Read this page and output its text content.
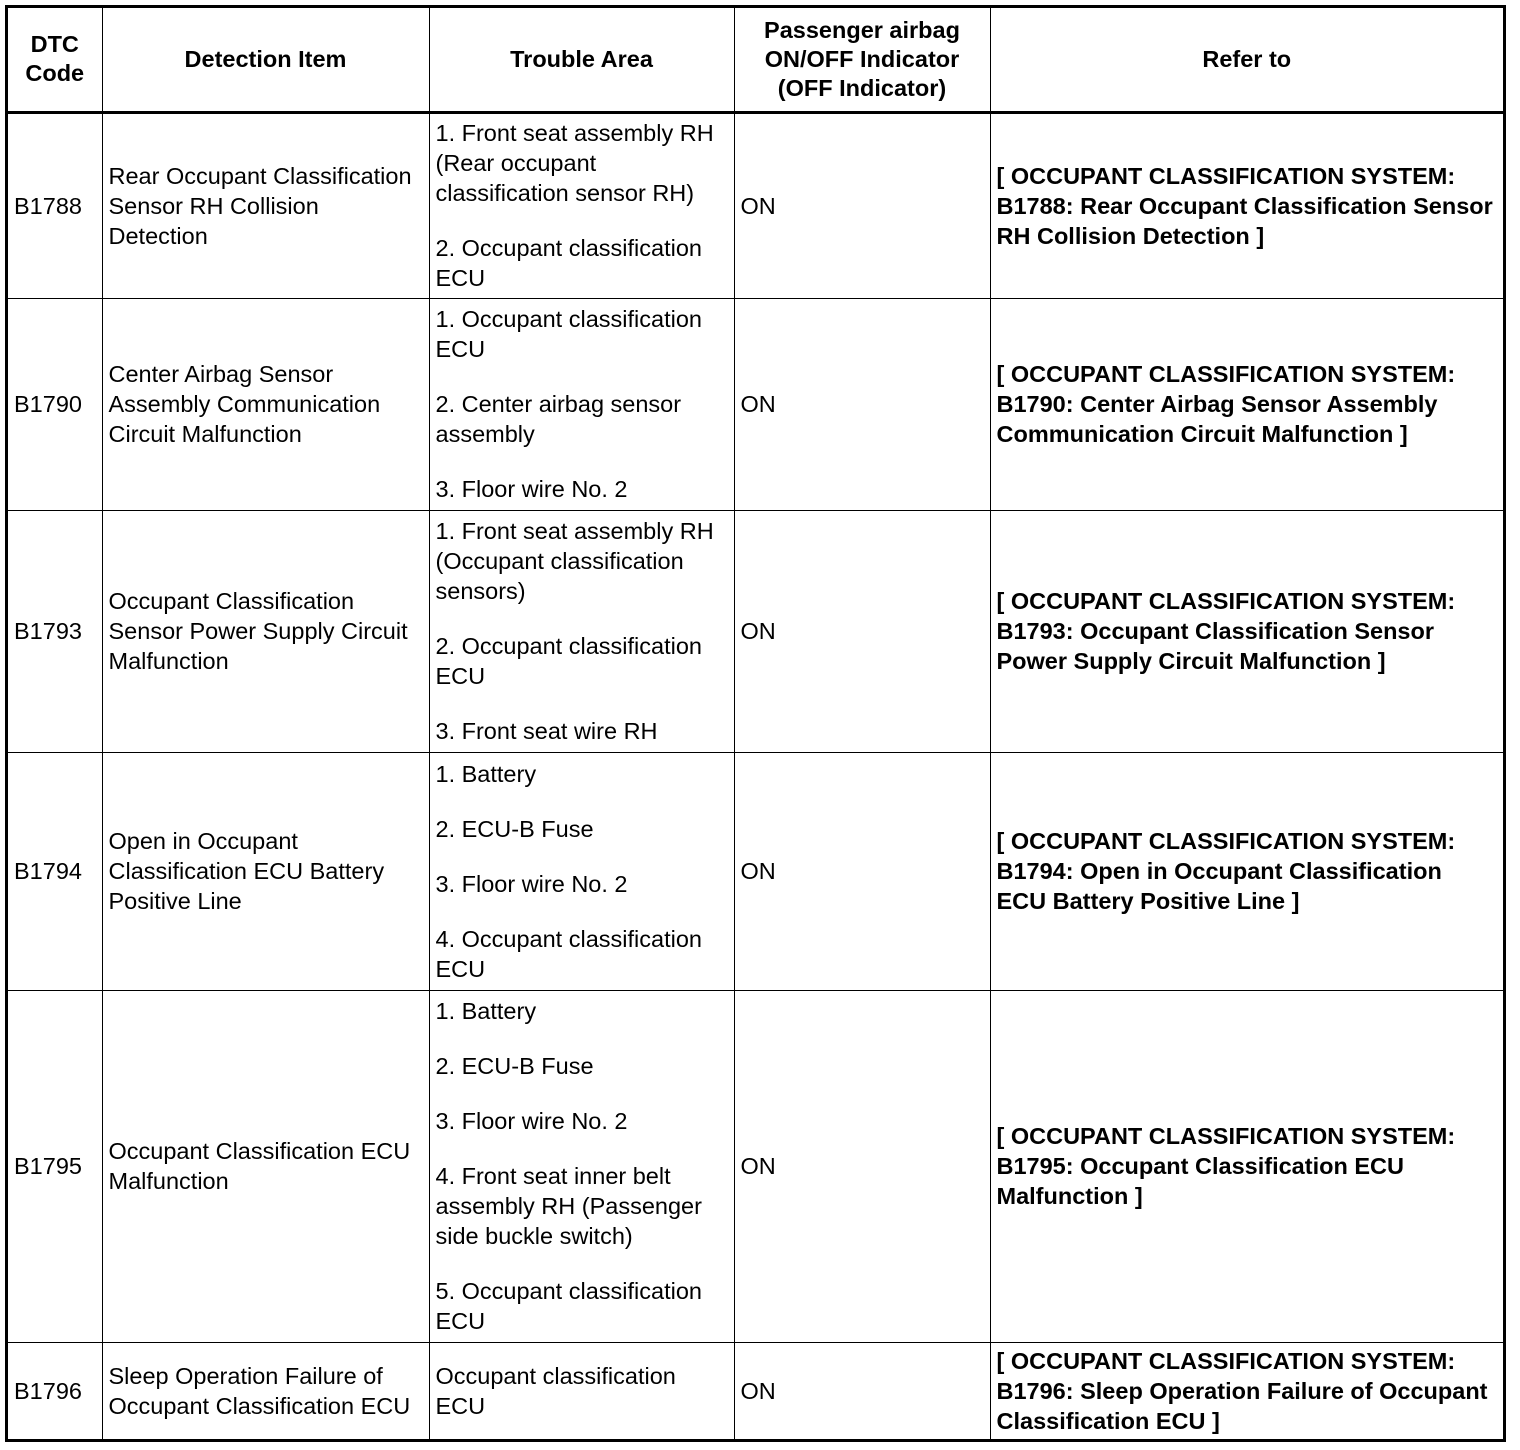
DTC Code	Detection Item	Trouble Area	Passenger airbag ON/OFF Indicator (OFF Indicator)	Refer to
B1788	Rear Occupant Classification Sensor RH Collision Detection	1. Front seat assembly RH (Rear occupant classification sensor RH)

2. Occupant classification ECU	ON	[ OCCUPANT CLASSIFICATION SYSTEM: B1788: Rear Occupant Classification Sensor RH Collision Detection ]
B1790	Center Airbag Sensor Assembly Communication Circuit Malfunction	1. Occupant classification ECU

2. Center airbag sensor assembly

3. Floor wire No. 2	ON	[ OCCUPANT CLASSIFICATION SYSTEM: B1790: Center Airbag Sensor Assembly Communication Circuit Malfunction ]
B1793	Occupant Classification Sensor Power Supply Circuit Malfunction	1. Front seat assembly RH (Occupant classification sensors)

2. Occupant classification ECU

3. Front seat wire RH	ON	[ OCCUPANT CLASSIFICATION SYSTEM: B1793: Occupant Classification Sensor Power Supply Circuit Malfunction ]
B1794	Open in Occupant Classification ECU Battery Positive Line	1. Battery

2. ECU-B Fuse

3. Floor wire No. 2

4. Occupant classification ECU	ON	[ OCCUPANT CLASSIFICATION SYSTEM: B1794: Open in Occupant Classification ECU Battery Positive Line ]
B1795	Occupant Classification ECU Malfunction	1. Battery

2. ECU-B Fuse

3. Floor wire No. 2

4. Front seat inner belt assembly RH (Passenger side buckle switch)

5. Occupant classification ECU	ON	[ OCCUPANT CLASSIFICATION SYSTEM: B1795: Occupant Classification ECU Malfunction ]
B1796	Sleep Operation Failure of Occupant Classification ECU	Occupant classification ECU	ON	[ OCCUPANT CLASSIFICATION SYSTEM: B1796: Sleep Operation Failure of Occupant Classification ECU ]
